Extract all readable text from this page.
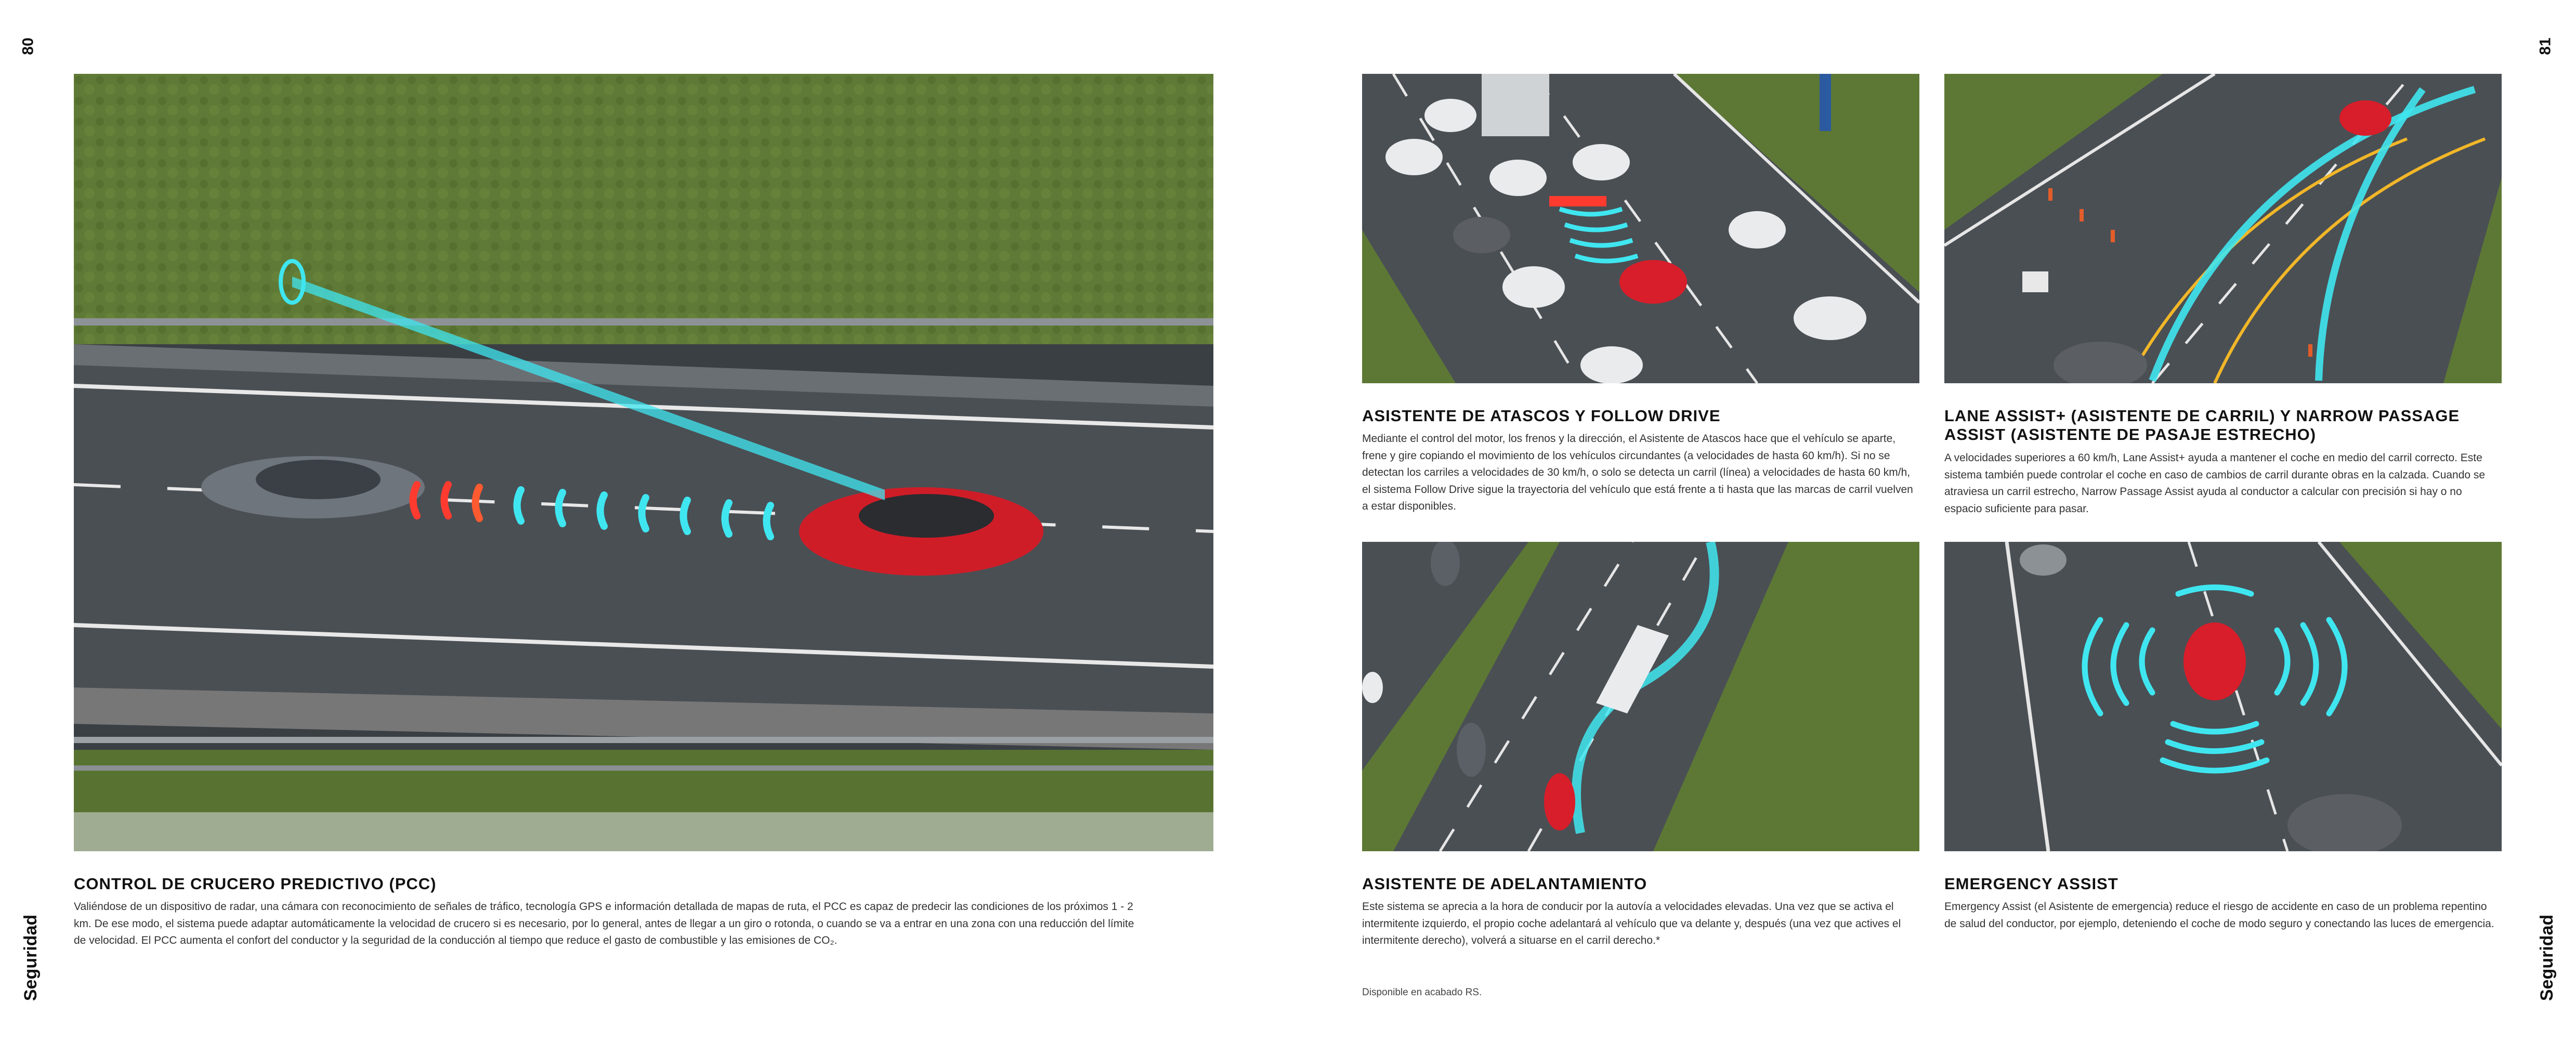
80	81
Seguridad	Seguridad
CONTROL DE CRUCERO PREDICTIVO (PCC)

Valiéndose de un dispositivo de radar, una cámara con reconocimiento de señales de tráfico, tecnología GPS e información detallada de mapas de ruta, el PCC es capaz de predecir las condiciones de los próximos 1 - 2 km. De ese modo, el sistema puede adaptar automáticamente la velocidad de crucero si es necesario, por lo general, antes de llegar a un giro o rotonda, o cuando se va a entrar en una zona con una reducción del límite de velocidad. El PCC aumenta el confort del conductor y la seguridad de la conducción al tiempo que reduce el gasto de combustible y las emisiones de CO₂.

ASISTENTE DE ATASCOS Y FOLLOW DRIVE

Mediante el control del motor, los frenos y la dirección, el Asistente de Atascos hace que el vehículo se aparte, frene y gire copiando el movimiento de los vehículos circundantes (a velocidades de hasta 60 km/h). Si no se detectan los carriles a velocidades de 30 km/h, o solo se detecta un carril (línea) a velocidades de hasta 60 km/h, el sistema Follow Drive sigue la trayectoria del vehículo que está frente a ti hasta que las marcas de carril vuelven a estar disponibles.

LANE ASSIST+ (ASISTENTE DE CARRIL) Y NARROW PASSAGE
ASSIST (ASISTENTE DE PASAJE ESTRECHO)

A velocidades superiores a 60 km/h, Lane Assist+ ayuda a mantener el coche en medio del carril correcto. Este sistema también puede controlar el coche en caso de cambios de carril durante obras en la calzada. Cuando se atraviesa un carril estrecho, Narrow Passage Assist ayuda al conductor a calcular con precisión si hay o no espacio suficiente para pasar.

ASISTENTE DE ADELANTAMIENTO

Este sistema se aprecia a la hora de conducir por la autovía a velocidades elevadas. Una vez que se activa el intermitente izquierdo, el propio coche adelantará al vehículo que va delante y, después (una vez que actives el intermitente derecho), volverá a situarse en el carril derecho.*

EMERGENCY ASSIST

Emergency Assist (el Asistente de emergencia) reduce el riesgo de accidente en caso de un problema repentino de salud del conductor, por ejemplo, deteniendo el coche de modo seguro y conectando las luces de emergencia.

Disponible en acabado RS.
